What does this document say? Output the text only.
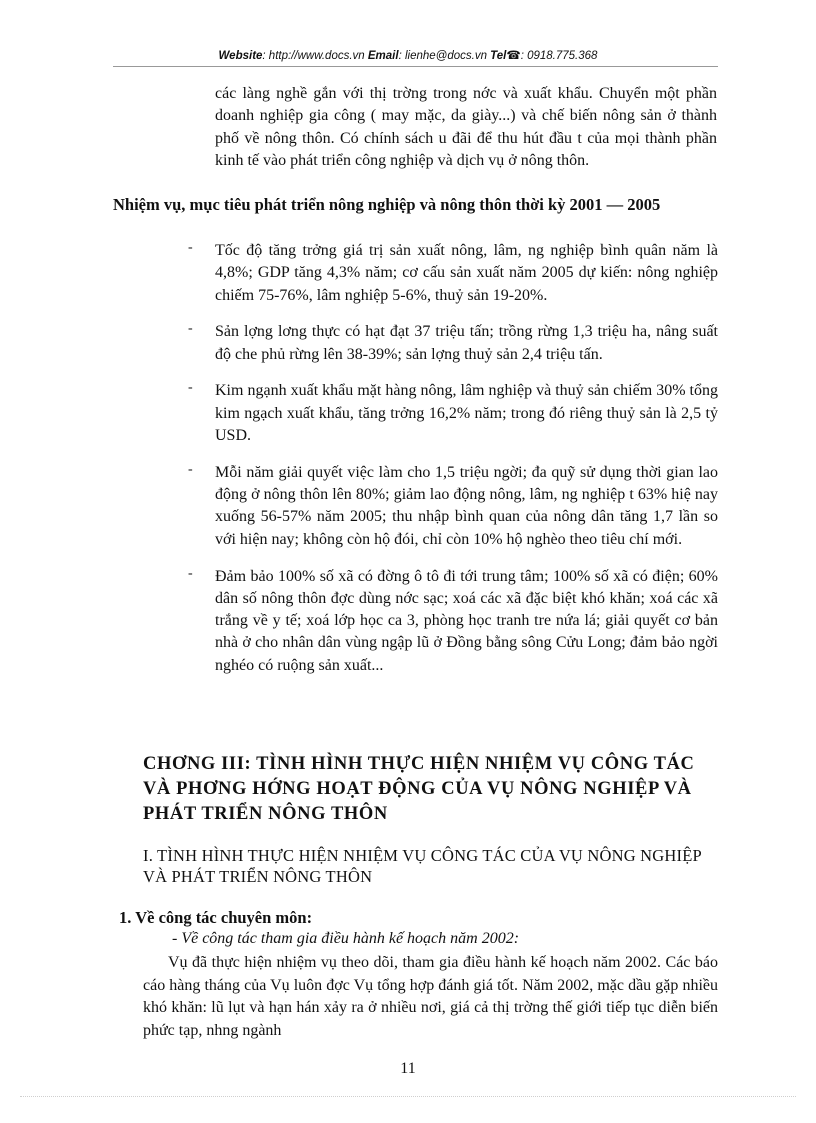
Website: http://www.docs.vn Email: lienhe@docs.vn Tel☎: 0918.775.368
các làng nghề gắn với thị trờng trong nớc và xuất khẩu. Chuyển một phần doanh nghiệp gia công ( may mặc, da giày...) và chế biến nông sản ở thành phố về nông thôn. Có chính sách u đãi để thu hút đầu t của mọi thành phần kinh tế vào phát triển công nghiệp và dịch vụ ở nông thôn.
Nhiệm vụ, mục tiêu phát triển nông nghiệp và nông thôn thời kỳ 2001 — 2005
- Tốc độ tăng trởng giá trị sản xuất nông, lâm, ng nghiệp bình quân năm là 4,8%; GDP tăng 4,3% năm; cơ cấu sản xuất năm 2005 dự kiến: nông nghiệp chiếm 75-76%, lâm nghiệp 5-6%, thuỷ sản 19-20%.
- Sản lợng lơng thực có hạt đạt 37 triệu tấn; trồng rừng 1,3 triệu ha, nâng suất độ che phủ rừng lên 38-39%; sản lợng thuỷ sản 2,4 triệu tấn.
- Kim ngạnh xuất khẩu mặt hàng nông, lâm nghiệp và thuỷ sản chiếm 30% tổng kim ngạch xuất khẩu, tăng trởng 16,2% năm; trong đó riêng thuỷ sản là 2,5 tỷ USD.
- Mỗi năm giải quyết việc làm cho 1,5 triệu ngời; đa quỹ sử dụng thời gian lao động ở nông thôn lên 80%; giảm lao động nông, lâm, ng nghiệp t 63% hiệ nay xuống 56-57% năm 2005; thu nhập bình quan của nông dân tăng 1,7 lần so với hiện nay; không còn hộ đói, chỉ còn 10% hộ nghèo theo tiêu chí mới.
- Đảm bảo 100% số xã có đờng ô tô đi tới trung tâm; 100% số xã có điện; 60% dân số nông thôn đợc dùng nớc sạc; xoá các xã đặc biệt khó khăn; xoá các xã trắng về y tế; xoá lớp học ca 3, phòng học tranh tre nứa lá; giải quyết cơ bản nhà ở cho nhân dân vùng ngập lũ ở Đồng bằng sông Cửu Long; đảm bảo ngời nghéo có ruộng sản xuất...
CHƠNG III: TÌNH HÌNH THỰC HIỆN NHIỆM VỤ CÔNG TÁC VÀ PHƠNG HỚNG HOẠT ĐỘNG CỦA VỤ NÔNG NGHIỆP VÀ PHÁT TRIỂN NÔNG THÔN
I. TÌNH HÌNH THỰC HIỆN NHIỆM VỤ CÔNG TÁC CỦA VỤ NÔNG NGHIỆP VÀ PHÁT TRIỂN NÔNG THÔN
1. Về công tác chuyên môn:
- Về công tác tham gia điều hành kế hoạch năm 2002:
Vụ đã thực hiện nhiệm vụ theo dõi, tham gia điều hành kế hoạch năm 2002. Các báo cáo hàng tháng của Vụ luôn đợc Vụ tổng hợp đánh giá tốt. Năm 2002, mặc dầu gặp nhiều khó khăn: lũ lụt và hạn hán xảy ra ở nhiều nơi, giá cả thị trờng thế giới tiếp tục diễn biến phức tạp, nhng ngành
11
